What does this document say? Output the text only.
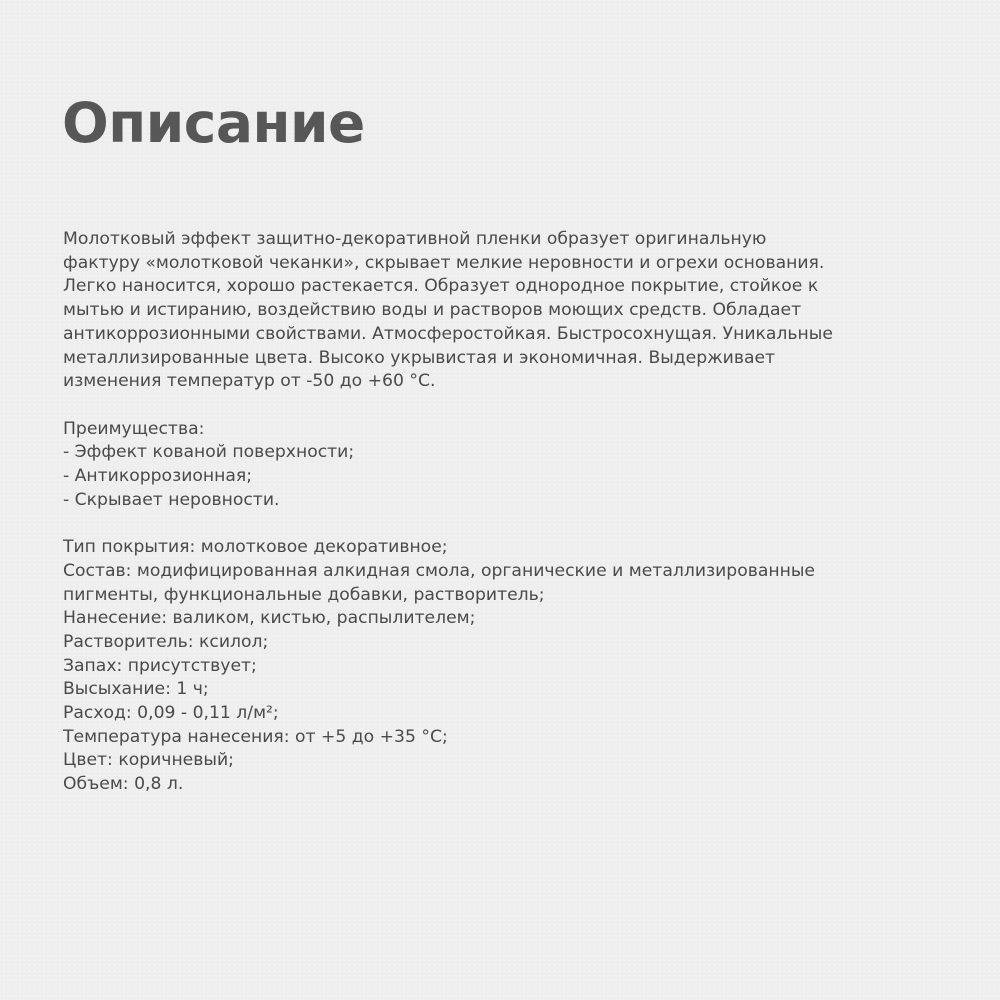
Описание

Молотковый эффект защитно-декоративной пленки образует оригинальную
фактуру «молотковой чеканки», скрывает мелкие неровности и огрехи основания.
Легко наносится, хорошо растекается. Образует однородное покрытие, стойкое к
мытью и истиранию, воздействию воды и растворов моющих средств. Обладает
антикоррозионными свойствами. Атмосферостойкая. Быстросохнущая. Уникальные
металлизированные цвета. Высоко укрывистая и экономичная. Выдерживает
изменения температур от -50 до +60 °С.

Преимущества:
- Эффект кованой поверхности;
- Антикоррозионная;
- Скрывает неровности.
Тип покрытия: молотковое декоративное;
Состав: модифицированная алкидная смола, органические и металлизированные
пигменты, функциональные добавки, растворитель;
Нанесение: валиком, кистью, распылителем;
Растворитель: ксилол;
Запах: присутствует;
Высыхание: 1 ч;
Расход: 0,09 - 0,11 л/м²;
Температура нанесения: от +5 до +35 °С;
Цвет: коричневый;
Объем: 0,8 л.
